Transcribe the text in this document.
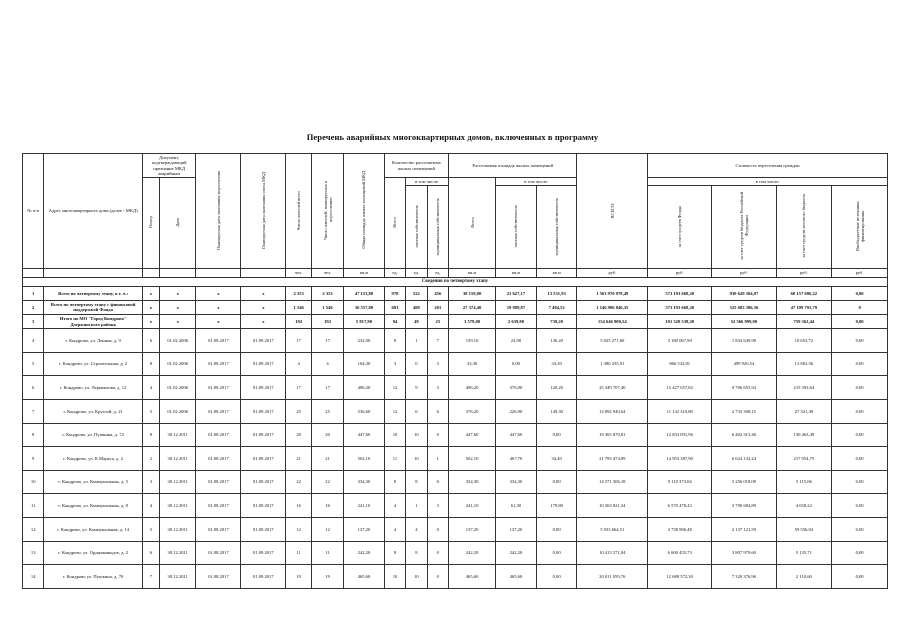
Перечень аварийных многоквартирных домов, включенных в программу
№ п/п	Адрес многоквартирного дома (далее - МКД)	Документ, подтверждающий признание МКД аварийным		Планируемая дата окончания переселения	Планируемая дата окончания сноса МКД	Число жителей всего	Число жителей, планируемых к переселению	Общая площадь жилых помещений МКД	Количество расселяемых жилых помещений			Расселяемая площадь жилых помещений			ВСЕГО:	Стоимость переселения граждан			
		Номер	Дата						Всего	в том числе:		Всего	в том числе:			в том числе:			
										частная собственность	муниципальная собственность		частная собственность	муниципальная собственность		за счет средств Фонда	за счет средств бюджета Российской Федерации	за счет средств местного бюджета	Внебюджетные источники финансирования
						чел.	чел.	кв.м	ед.	ед.	ед.	кв.м	кв.м	кв.м	руб.	руб.	руб.	руб.	руб.
Сведения по четвертому этапу																			
1	Всего по четвертому этапу, в т. ч.:	x	x	x	x	2 353	2 353	47 153,80	978	522	456	38 159,00	21 627,17	13 531,93	1 563 970 978,49	573 193 668,20	930 620 304,07	60 157 006,22	0,00
2	Всего по четвертому этапу с финансовой поддержкой Фонда	x	x	x	x	1 546	1 546	36 557,80	681	480	201	27 374,40	19 889,87	7 484,53	1 146 986 846,35	573 193 668,20	525 683 386,36	47 109 791,79	0
3	Итого по МО "Город Кондрово" Дзержинского района	x	x	x	x	192	192	5 817,90	94	49	25	3 579,00	2 639,80	739,20	154 646 900,54	101 320 538,20	52 566 999,90	759 362,44	0,00
4	г. Кондрово, ул. Ленина, д. 9	6	01.02.2006	01.08.2017	01.09.2017	17	17	232,00	8	1	7	159,10	22,90	136,20	5 025 271,60	3 180 067,90	1 834 649,98	10 653,72	0,00
5	г. Кондрово, ул. Строительная, д. 2	8	01.02.2006	01.08.2017	01.09.2017	4	4	164,30	3	0	3	33,30	0,00	33,30	1 380 255,91	866 532,81	499 920,54	13 802,56	0,00
6	г. Кондрово, ул. Лермонтова, д. 12	4	01.02.2006	01.08.2017	01.09.2017	17	17	496,20	12	9	3	496,20	376,00	120,20	25 349 707,40	15 427 657,82	9 706 655,94	215 393,64	0,00
7	г. Кондрово, ул. Круглой, д. 21	5	01.02.2006	01.08.2017	01.09.2017	25	25	536,60	12	6	6	376,20	226,90	149,30	13 892 940,64	11 132 310,80	2 733 308,15	27 321,49	0,00
8	г. Кондрово, ул. Пушкина, д. 72	8	30.12.2011	01.08.2017	01.09.2017	20	20	447,60	10	10	0	447,60	447,60	0,00	19 365 870,81	12 833 091,96	6 402 315,46	130 463,49	0,00
9	г. Кондрово, ул. К.Маркса, д. 2	2	30.12.2011	01.08.2017	01.09.2017	21	21	502,10	11	10	1	502,10	467,70	34,40	21 795 474,89	14 953 387,90	6 624 132,24	217 954,75	0,00
10	г. Кондрово, ул. Коммунальная, д. 5	3	30.12.2011	01.08.2017	01.09.2017	22	22	334,30	8	8	6	334,30	334,30	0,00	14 371 506,18	9 110 373,04	5 256 018,08	5 115,06	0,00
11	г. Кондрово, ул. Коммунальная, д. 8	4	30.12.2011	01.08.2017	01.09.2017	16	16	241,10	4	1	3	241,10	61,30	179,80	10 363 821,34	6 570 478,43	3 790 684,89	4 658,22	0,00
12	г. Кондрово, ул. Коммунальная, д. 14	5	30.12.2011	01.08.2017	01.09.2017	12	12	137,20	4	4	0	137,20	137,20	0,00	5 933 664,51	3 738 986,48	2 137 121,59	59 556,04	0,00
13	г. Кондрово, ул. Орджоникидзе, д. 2	6	30.12.2011	01.08.2017	01.09.2017	11	11	242,20	8	8	0	242,20	242,20	0,00	10 413 571,04	6 600 455,73	3 807 979,60	5 135,71	0,00
14	г. Кондрово ул. Пушкина, д. 70	7	30.12.2011	01.08.2017	01.09.2017	19	19	465,60	10	10	0	465,60	465,60	0,00	20 011 059,76	12 688 572,30	7 320 376,96	2 110,60	0,00
